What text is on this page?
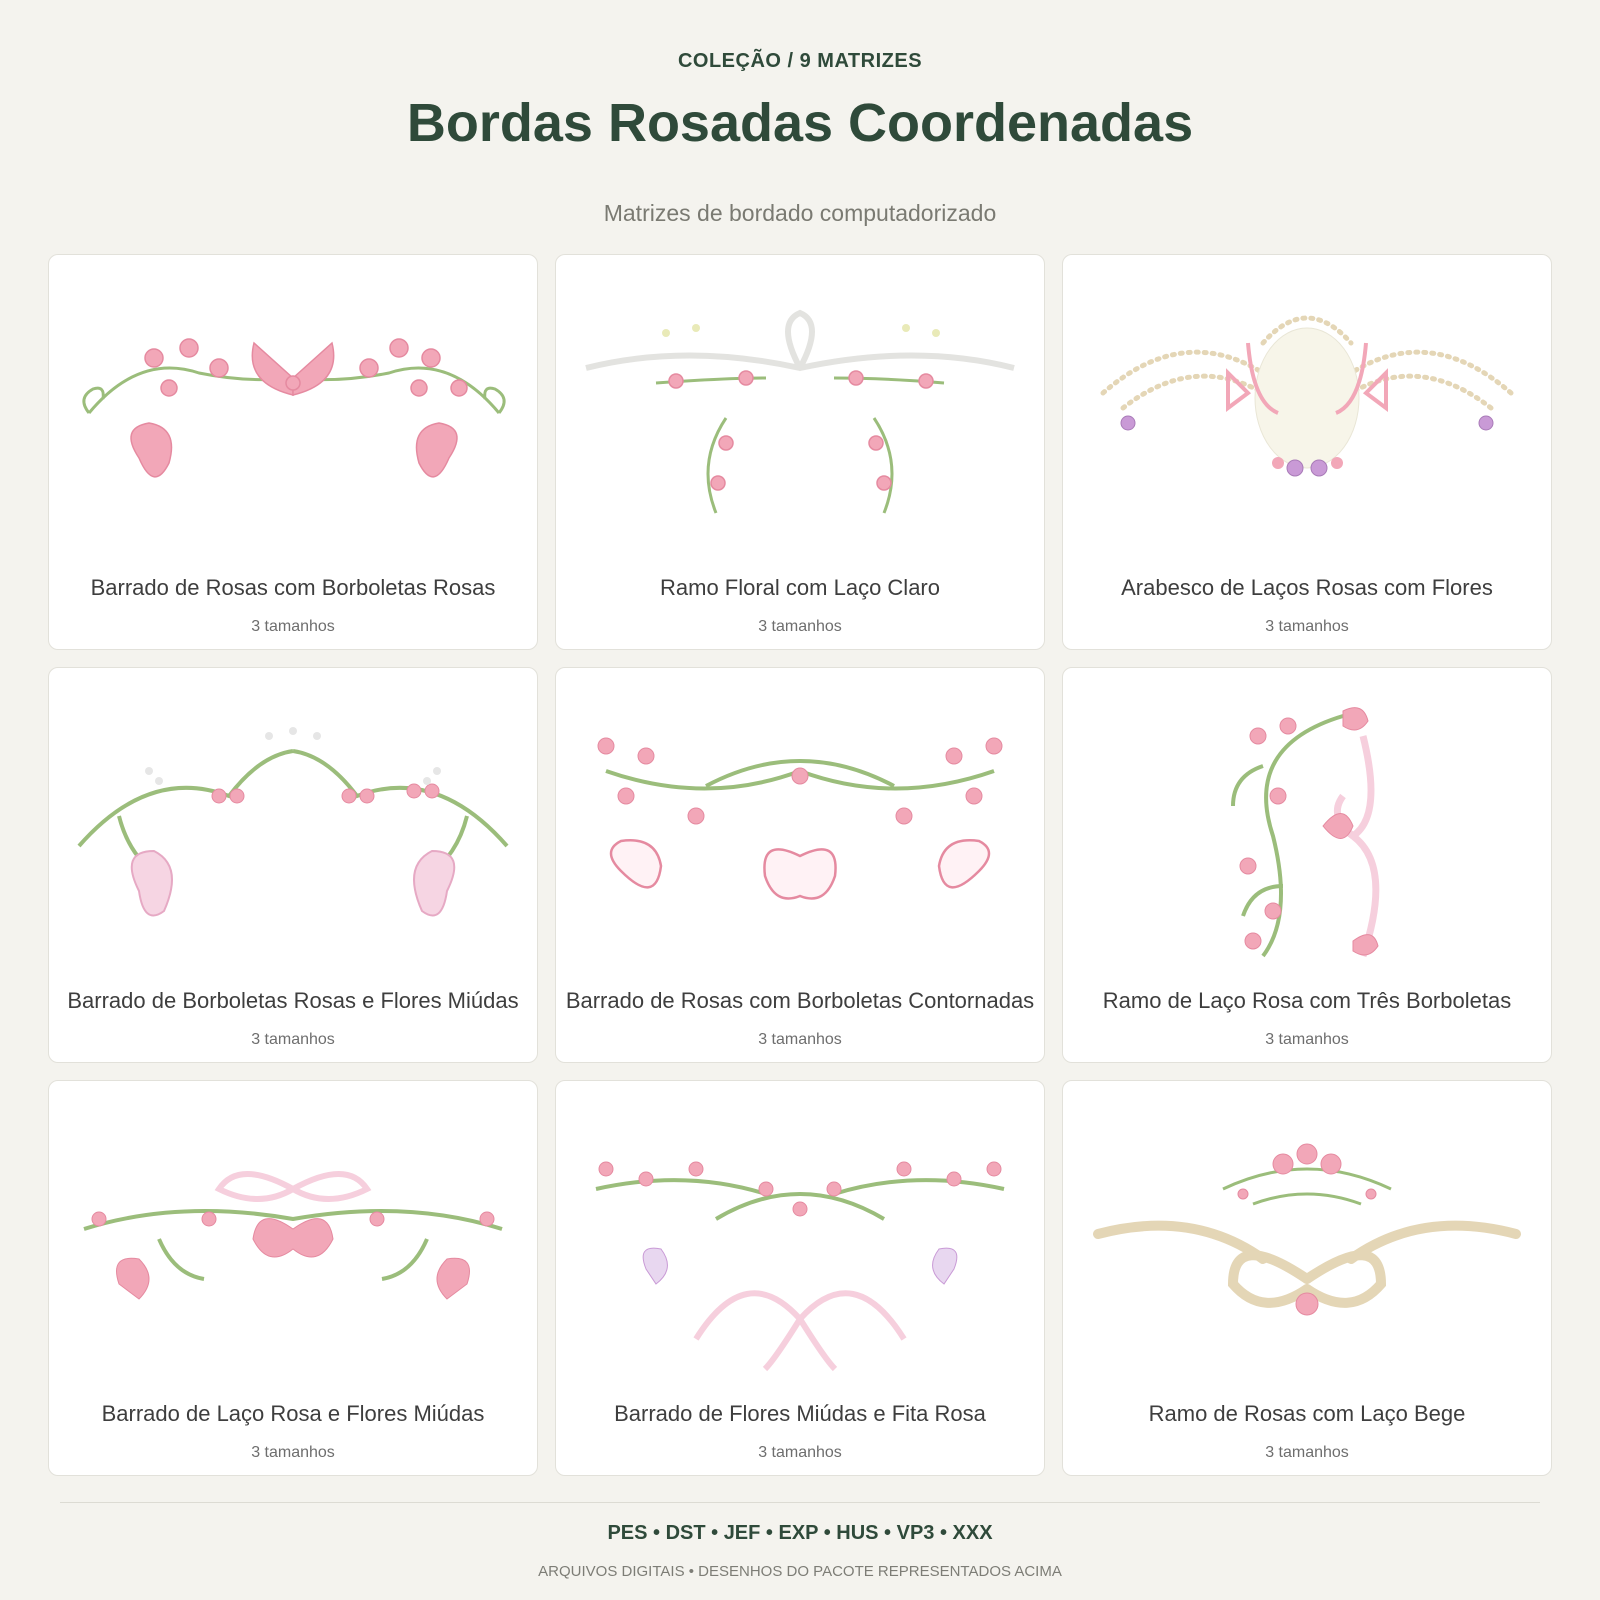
COLEÇÃO / 9 MATRIZES
Bordas Rosadas Coordenadas
Matrizes de bordado computadorizado
Barrado de Rosas com Borboletas Rosas
3 tamanhos
Ramo Floral com Laço Claro
3 tamanhos
Arabesco de Laços Rosas com Flores
3 tamanhos
Barrado de Borboletas Rosas e Flores Miúdas
3 tamanhos
Barrado de Rosas com Borboletas Contornadas
3 tamanhos
Ramo de Laço Rosa com Três Borboletas
3 tamanhos
Barrado de Laço Rosa e Flores Miúdas
3 tamanhos
Barrado de Flores Miúdas e Fita Rosa
3 tamanhos
Ramo de Rosas com Laço Bege
3 tamanhos
PES • DST • JEF • EXP • HUS • VP3 • XXX
ARQUIVOS DIGITAIS • DESENHOS DO PACOTE REPRESENTADOS ACIMA
